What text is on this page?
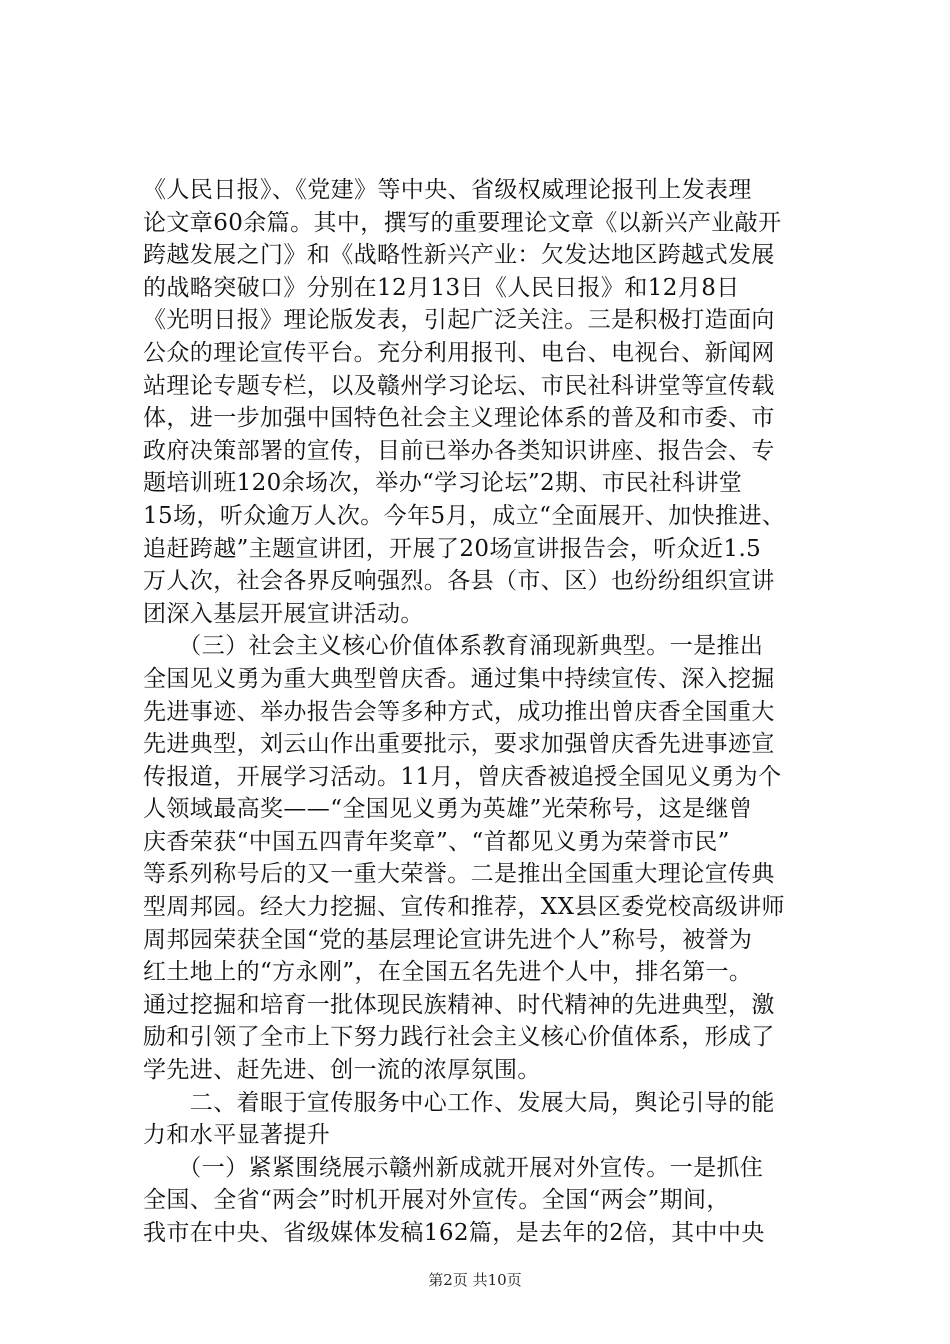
《人民日报》、《党建》等中央、省级权威理论报刊上发表理
论文章60余篇。其中，撰写的重要理论文章《以新兴产业敲开
跨越发展之门》和《战略性新兴产业：欠发达地区跨越式发展
的战略突破口》分别在12月13日《人民日报》和12月8日
《光明日报》理论版发表，引起广泛关注。三是积极打造面向
公众的理论宣传平台。充分利用报刊、电台、电视台、新闻网
站理论专题专栏，以及赣州学习论坛、市民社科讲堂等宣传载
体，进一步加强中国特色社会主义理论体系的普及和市委、市
政府决策部署的宣传，目前已举办各类知识讲座、报告会、专
题培训班120余场次，举办“学习论坛”2期、市民社科讲堂
15场，听众逾万人次。今年5月，成立“全面展开、加快推进、
追赶跨越”主题宣讲团，开展了20场宣讲报告会，听众近1.5
万人次，社会各界反响强烈。各县（市、区）也纷纷组织宣讲
团深入基层开展宣讲活动。
　　（三）社会主义核心价值体系教育涌现新典型。一是推出
全国见义勇为重大典型曾庆香。通过集中持续宣传、深入挖掘
先进事迹、举办报告会等多种方式，成功推出曾庆香全国重大
先进典型，刘云山作出重要批示，要求加强曾庆香先进事迹宣
传报道，开展学习活动。11月，曾庆香被追授全国见义勇为个
人领域最高奖——“全国见义勇为英雄”光荣称号，这是继曾
庆香荣获“中国五四青年奖章”、“首都见义勇为荣誉市民”
等系列称号后的又一重大荣誉。二是推出全国重大理论宣传典
型周邦园。经大力挖掘、宣传和推荐，XX县区委党校高级讲师
周邦园荣获全国“党的基层理论宣讲先进个人”称号，被誉为
红土地上的“方永刚”，在全国五名先进个人中，排名第一。
通过挖掘和培育一批体现民族精神、时代精神的先进典型，激
励和引领了全市上下努力践行社会主义核心价值体系，形成了
学先进、赶先进、创一流的浓厚氛围。
　　二、着眼于宣传服务中心工作、发展大局，舆论引导的能
力和水平显著提升
　　（一）紧紧围绕展示赣州新成就开展对外宣传。一是抓住
全国、全省“两会”时机开展对外宣传。全国“两会”期间，
我市在中央、省级媒体发稿162篇，是去年的2倍，其中中央
第2页 共10页
